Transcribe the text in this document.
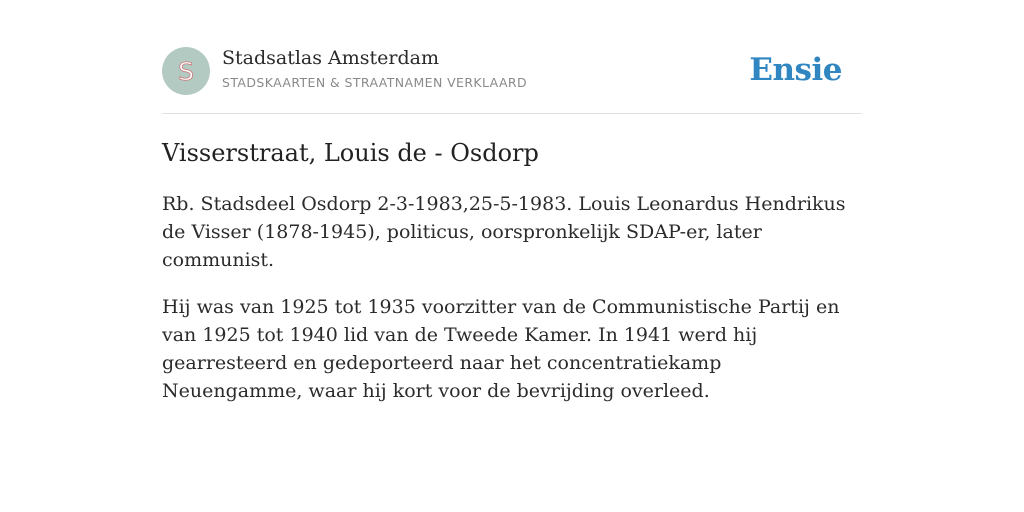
S Stadsatlas Amsterdam
STADSKAARTEN & STRAATNAMEN VERKLAARD	Ensie
Visserstraat, Louis de - Osdorp

Rb. Stadsdeel Osdorp 2-3-1983,25-5-1983. Louis Leonardus Hendrikus de Visser (1878-1945), politicus, oorspronkelijk SDAP-er, later communist.

Hij was van 1925 tot 1935 voorzitter van de Communistische Partij en van 1925 tot 1940 lid van de Tweede Kamer. In 1941 werd hij gearresteerd en gedeporteerd naar het concentratiekamp Neuengamme, waar hij kort voor de bevrijding overleed.
